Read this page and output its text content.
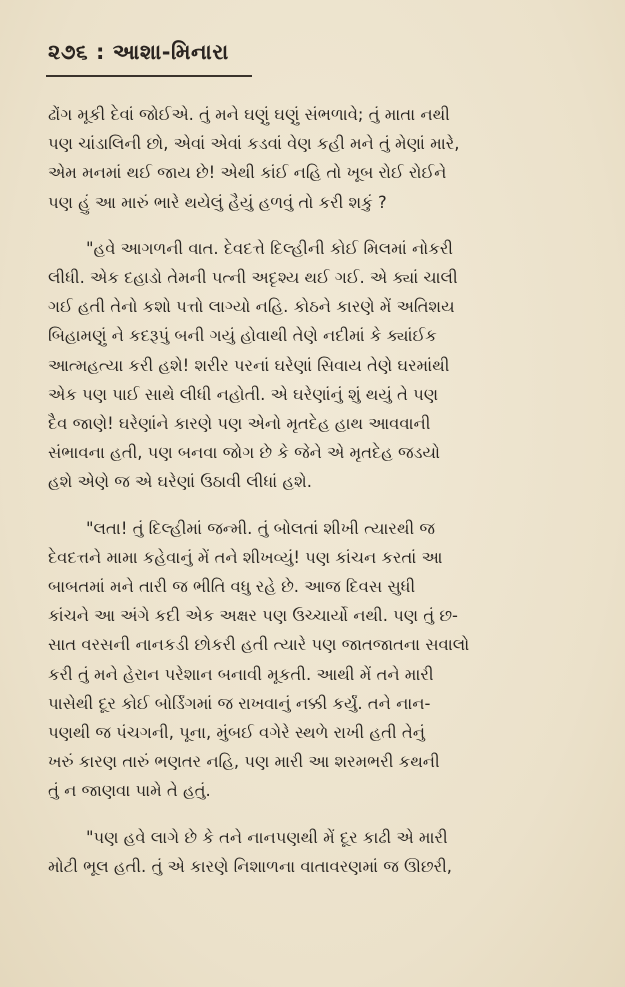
૨૭૬ : આશા-મિનારા
ઢોંગ મૂકી દેવાં જોઈએ. તું મને ઘણું ઘણું સંભળાવે; તું માતા નથી
પણ ચાંડાલિની છો, એવાં એવાં કડવાં વેણ કહી મને તું મેણાં મારે,
એમ મનમાં થઈ જાય છે! એથી કાંઈ નહિ તો ખૂબ રોઈ રોઈને
પણ હું આ મારું ભારે થયેલું હૈયું હળવું તો કરી શકું ?
"હવે આગળની વાત. દેવદત્તે દિલ્હીની કોઈ મિલમાં નોકરી
લીધી. એક દહાડો તેમની પત્ની અદૃશ્ય થઈ ગઈ. એ ક્યાં ચાલી
ગઈ હતી તેનો કશો પત્તો લાગ્યો નહિ. કોઠને કારણે મેં અતિશય
બિહામણું ને કદરૂપું બની ગયું હોવાથી તેણે નદીમાં કે ક્યાંઈક
આત્મહત્યા કરી હશે! શરીર પરનાં ઘરેણાં સિવાય તેણે ઘરમાંથી
એક પણ પાઈ સાથે લીધી નહોતી. એ ઘરેણાંનું શું થયું તે પણ
દૈવ જાણે! ઘરેણાંને કારણે પણ એનો મૃતદેહ હાથ આવવાની
સંભાવના હતી, પણ બનવા જોગ છે કે જેને એ મૃતદેહ જડયો
હશે એણે જ એ ઘરેણાં ઉઠાવી લીધાં હશે.
"લતા! તું દિલ્હીમાં જન્મી. તું બોલતાં શીખી ત્યારથી જ
દેવદત્તને મામા કહેવાનું મેં તને શીખવ્યું! પણ કાંચન કરતાં આ
બાબતમાં મને તારી જ ભીતિ વધુ રહે છે. આજ દિવસ સુધી
કાંચને આ અંગે કદી એક અક્ષર પણ ઉચ્ચાર્યો નથી. પણ તું છ-
સાત વરસની નાનકડી છોકરી હતી ત્યારે પણ જાતજાતના સવાલો
કરી તું મને હેરાન પરેશાન બનાવી મૂકતી. આથી મેં તને મારી
પાસેથી દૂર કોઈ બોર્ડિંગમાં જ રાખવાનું નક્કી કર્યું. તને નાન-
પણથી જ પંચગની, પૂના, મુંબઈ વગેરે સ્થળે રાખી હતી તેનું
ખરું કારણ તારું ભણતર નહિ, પણ મારી આ શરમભરી કથની
તું ન જાણવા પામે તે હતું.
"પણ હવે લાગે છે કે તને નાનપણથી મેં દૂર કાઢી એ મારી
મોટી ભૂલ હતી. તું એ કારણે નિશાળના વાતાવરણમાં જ ઊછરી,
